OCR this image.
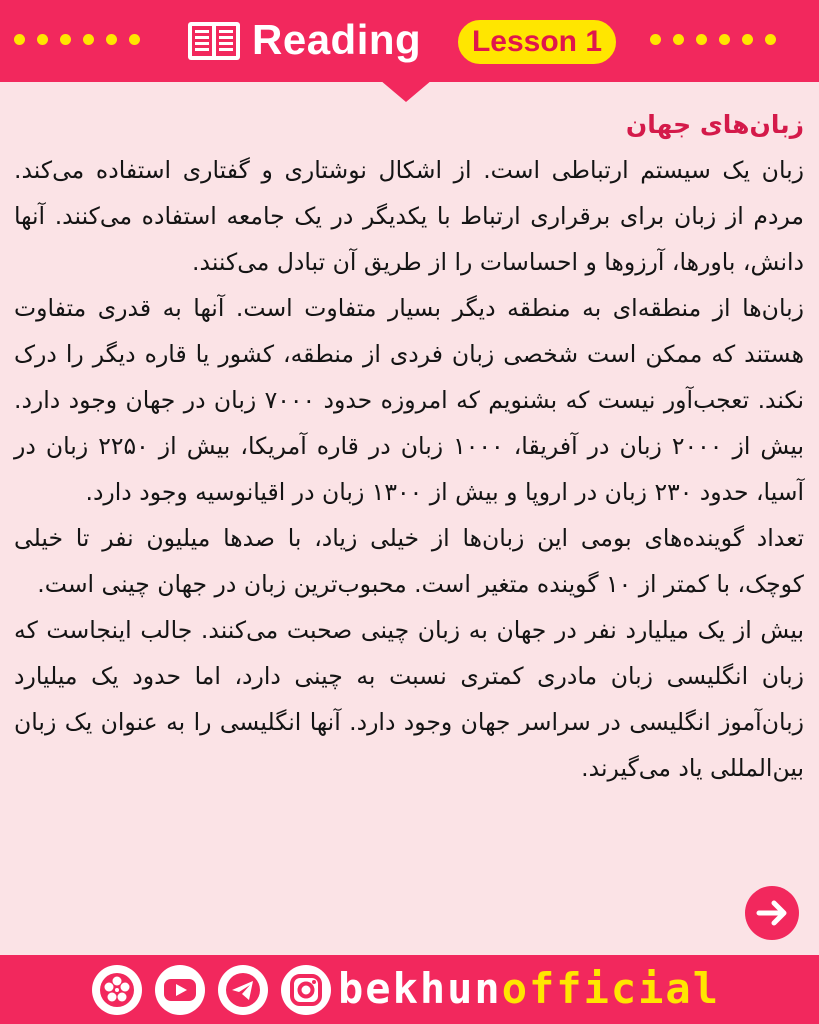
Reading	Lesson 1
زبان‌های جهان

زبان یک سیستم ارتباطی است. از اشکال نوشتاری و گفتاری استفاده می‌کند. مردم از زبان برای برقراری ارتباط با یکدیگر در یک جامعه استفاده می‌کنند. آنها دانش، باورها، آرزوها و احساسات را از طریق آن تبادل می‌کنند.

زبان‌ها از منطقه‌ای به منطقه دیگر بسیار متفاوت است. آنها به قدری متفاوت هستند که ممکن است شخصی زبان فردی از منطقه، کشور یا قاره دیگر را درک نکند. تعجب‌آور نیست که بشنویم که امروزه حدود ۷۰۰۰ زبان در جهان وجود دارد. بیش از ۲۰۰۰ زبان در آفریقا، ۱۰۰۰ زبان در قاره آمریکا، بیش از ۲۲۵۰ زبان در آسیا، حدود ۲۳۰ زبان در اروپا و بیش از ۱۳۰۰ زبان در اقیانوسیه وجود دارد.

تعداد گوینده‌های بومی این زبان‌ها از خیلی زیاد، با صدها میلیون نفر تا خیلی کوچک، با کمتر از ۱۰ گوینده متغیر است. محبوب‌ترین زبان در جهان چینی است.

بیش از یک میلیارد نفر در جهان به زبان چینی صحبت می‌کنند. جالب اینجاست که زبان انگلیسی زبان مادری کمتری نسبت به چینی دارد، اما حدود یک میلیارد زبان‌آموز انگلیسی در سراسر جهان وجود دارد. آنها انگلیسی را به عنوان یک زبان بین‌المللی یاد می‌گیرند.

bekhunofficial
